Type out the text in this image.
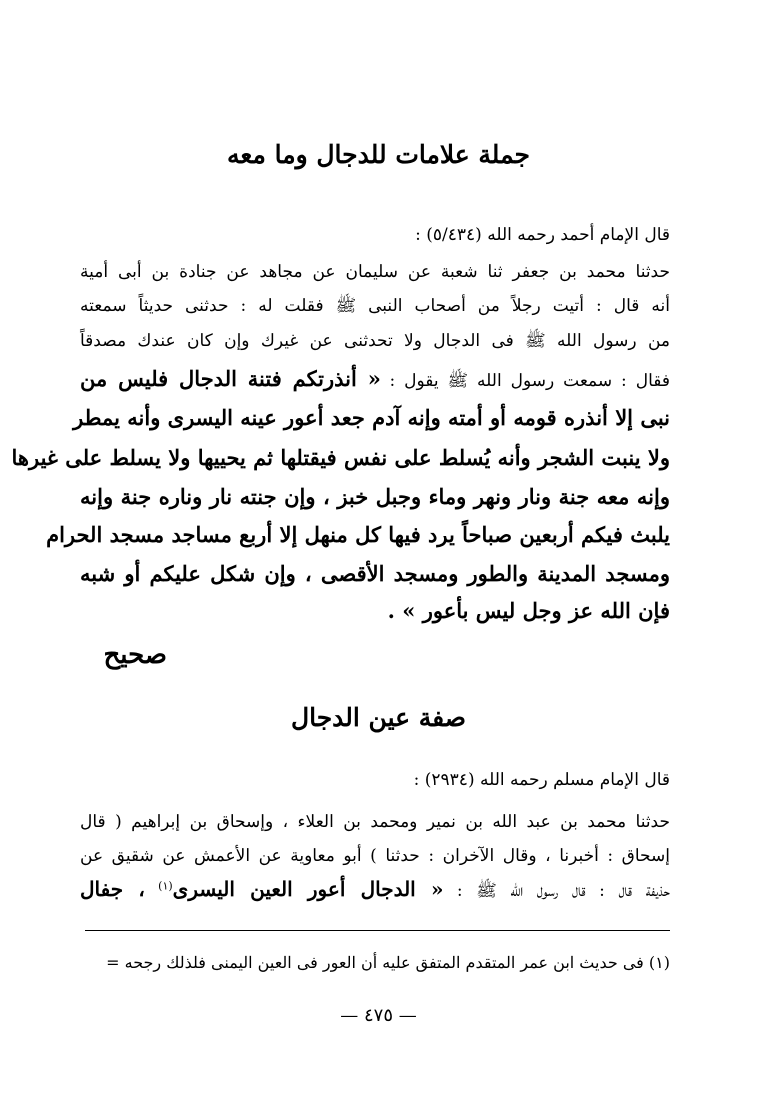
جملة علامات للدجال وما معه

قال الإمام أحمد رحمه الله (٥/٤٣٤) :

حدثنا محمد بن جعفر ثنا شعبة عن سليمان عن مجاهد عن جنادة بن أبى أمية

أنه قال : أتيت رجلاً من أصحاب النبى ﷺ فقلت له : حدثنى حديثاً سمعته

من رسول الله ﷺ فى الدجال ولا تحدثنى عن غيرك وإن كان عندك مصدقاً

فقال : سمعت رسول الله ﷺ يقول : « أنذرتكم فتنة الدجال فليس من

نبى إلا أنذره قومه أو أمته وإنه آدم جعد أعور عينه اليسرى وأنه يمطر

ولا ينبت الشجر وأنه يُسلط على نفس فيقتلها ثم يحييها ولا يسلط على غيرها

وإنه معه جنة ونار ونهر وماء وجبل خبز ، وإن جنته نار وناره جنة وإنه

يلبث فيكم أربعين صباحاً يرد فيها كل منهل إلا أربع مساجد مسجد الحرام

ومسجد المدينة والطور ومسجد الأقصى ، وإن شكل عليكم أو شبه

فإن الله عز وجل ليس بأعور » .

صحيح

صفة عين الدجال

قال الإمام مسلم رحمه الله (٢٩٣٤) :

حدثنا محمد بن عبد الله بن نمير ومحمد بن العلاء ، وإسحاق بن إبراهيم ( قال

إسحاق : أخبرنا ، وقال الآخران : حدثنا ) أبو معاوية عن الأعمش عن شقيق عن

حذيفة قال : قال رسول الله ﷺ : « الدجال أعور العين اليسرى$^{(١)}$ ، جفال

(١) فى حديث ابن عمر المتقدم المتفق عليه أن العور فى العين اليمنى فلذلك رجحه =

— ٤٧٥ —
